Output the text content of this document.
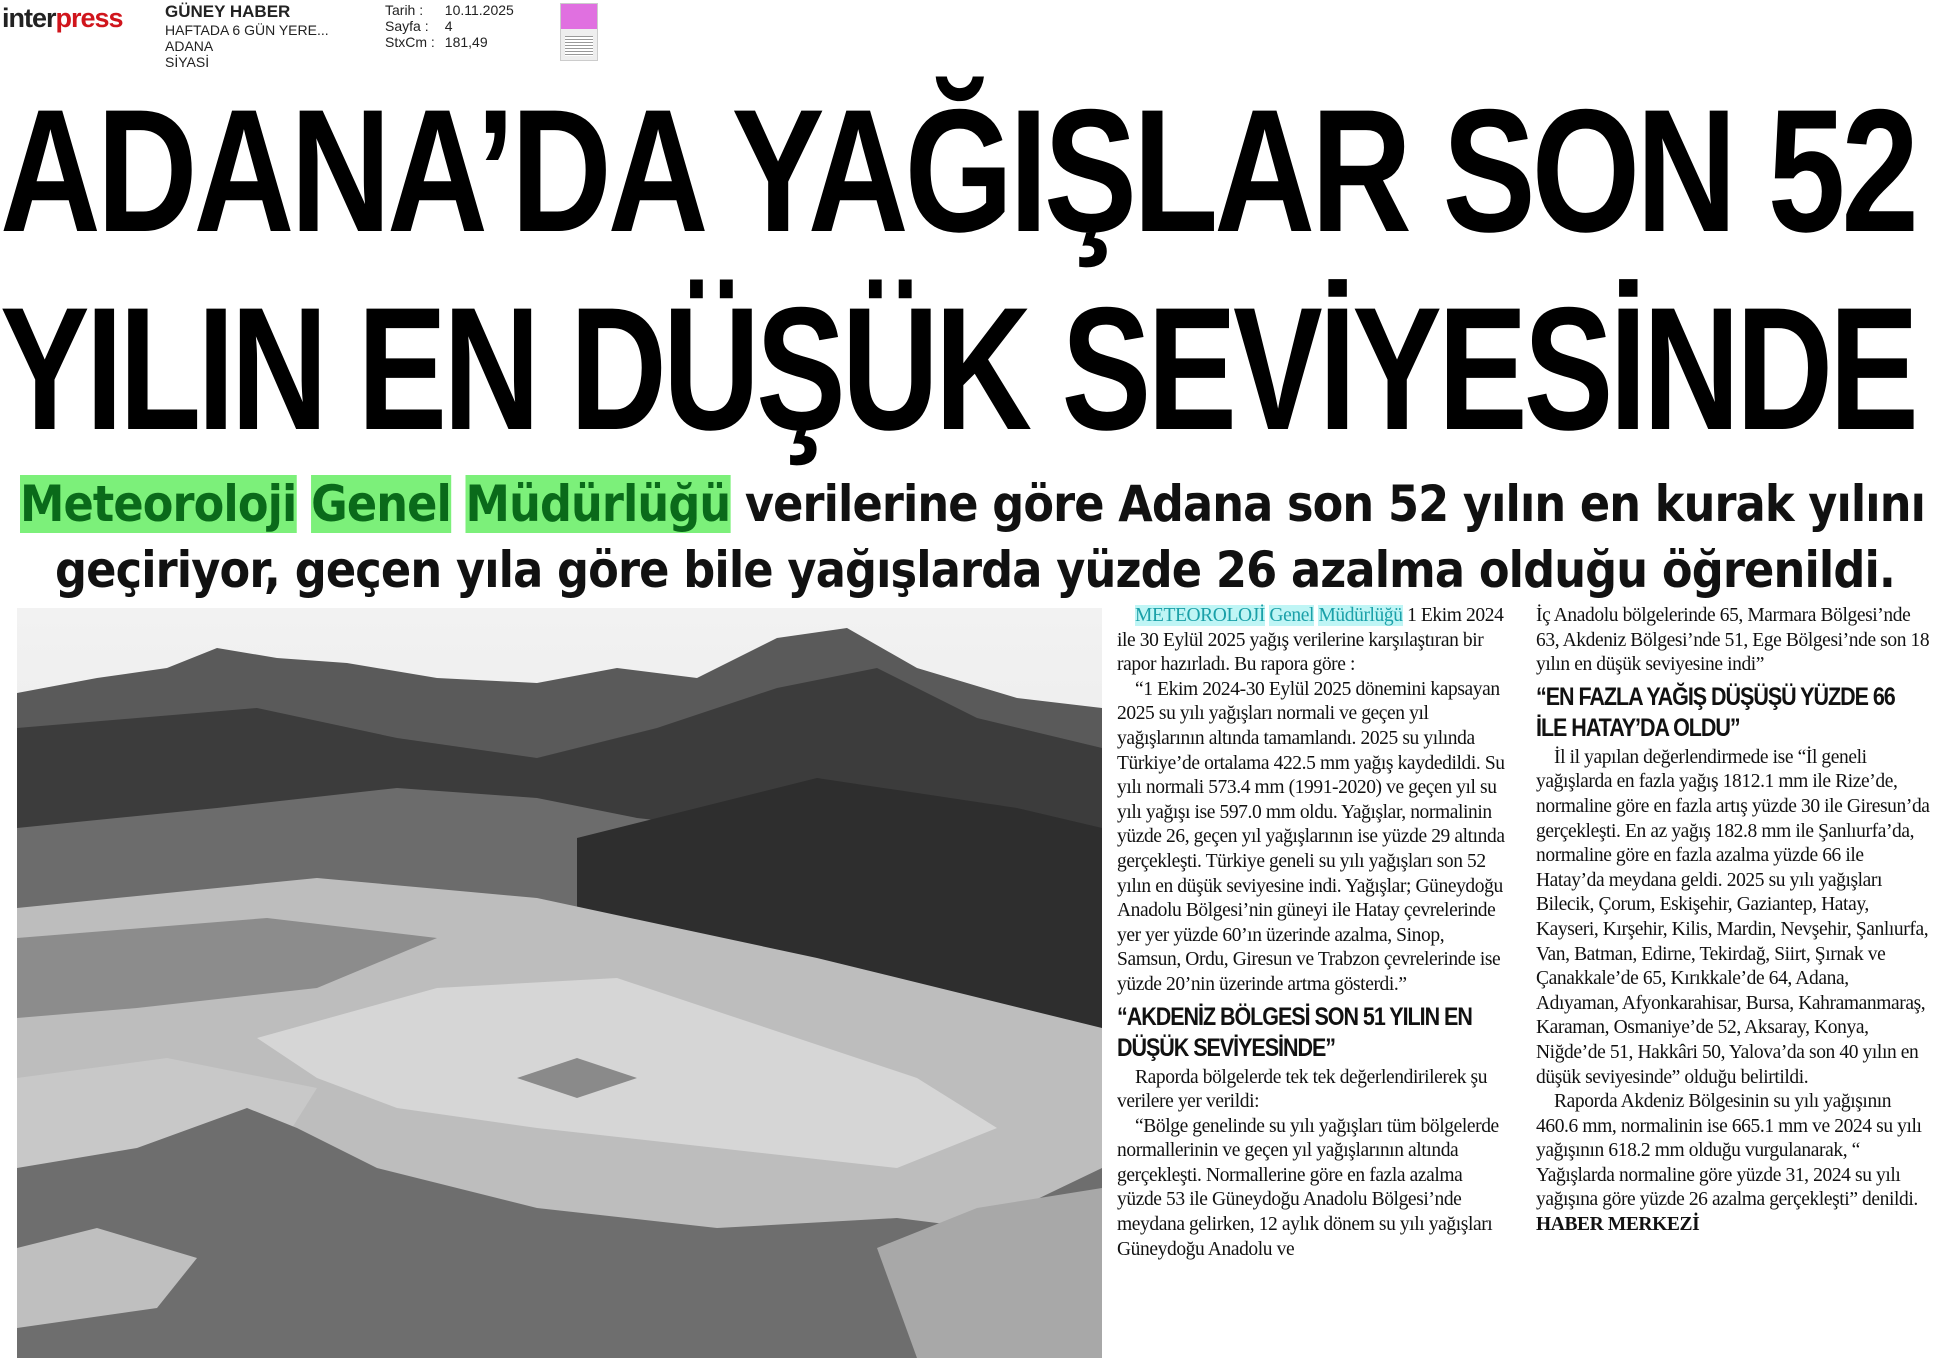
interpress GÜNEY HABER
HAFTADA 6 GÜN YERE...
ADANA
SİYASİ
Tarih :	10.11.2025
Sayfa :	4
StxCm :	181,49
ADANA’DA YAĞIŞLAR SON 52
YILIN EN DÜŞÜK SEVİYESİNDE
Meteoroloji Genel Müdürlüğü verilerine göre Adana son 52 yılın en kurak yılını
geçiriyor, geçen yıla göre bile yağışlarda yüzde 26 azalma olduğu öğrenildi.

METEOROLOJİ Genel Müdürlüğü 1 Ekim 2024 ile 30 Eylül 2025 yağış verilerine karşılaştıran bir rapor hazırladı. Bu rapora göre :

“1 Ekim 2024-30 Eylül 2025 dönemini kapsayan 2025 su yılı yağışları normali ve geçen yıl yağışlarının altında tamamlandı. 2025 su yılında Türkiye’de ortalama 422.5 mm yağış kaydedildi. Su yılı normali 573.4 mm (1991-2020) ve geçen yıl su yılı yağışı ise 597.0 mm oldu. Yağışlar, normalinin yüzde 26, geçen yıl yağışlarının ise yüzde 29 altında gerçekleşti. Türkiye geneli su yılı yağışları son 52 yılın en düşük seviyesine indi. Yağışlar; Güneydoğu Anadolu Bölgesi’nin güneyi ile Hatay çevrelerinde yer yer yüzde 60’ın üzerinde azalma, Sinop, Samsun, Ordu, Giresun ve Trabzon çevrelerinde ise yüzde 20’nin üzerinde artma gösterdi.”

“AKDENİZ BÖLGESİ SON 51 YILIN EN DÜŞÜK SEVİYESİNDE”

Raporda bölgelerde tek tek değerlendirilerek şu verilere yer verildi:

“Bölge genelinde su yılı yağışları tüm bölgelerde normallerinin ve geçen yıl yağışlarının altında gerçekleşti. Normallerine göre en fazla azalma yüzde 53 ile Güneydoğu Anadolu Bölgesi’nde meydana gelirken, 12 aylık dönem su yılı yağışları Güneydoğu Anadolu ve

İç Anadolu bölgelerinde 65, Marmara Bölgesi’nde 63, Akdeniz Bölgesi’nde 51, Ege Bölgesi’nde son 18 yılın en düşük seviyesine indi”

“EN FAZLA YAĞIŞ DÜŞÜŞÜ YÜZDE 66 İLE HATAY’DA OLDU”

İl il yapılan değerlendirmede ise “İl geneli yağışlarda en fazla yağış 1812.1 mm ile Rize’de, normaline göre en fazla artış yüzde 30 ile Giresun’da gerçekleşti. En az yağış 182.8 mm ile Şanlıurfa’da, normaline göre en fazla azalma yüzde 66 ile Hatay’da meydana geldi. 2025 su yılı yağışları Bilecik, Çorum, Eskişehir, Gaziantep, Hatay, Kayseri, Kırşehir, Kilis, Mardin, Nevşehir, Şanlıurfa, Van, Batman, Edirne, Tekirdağ, Siirt, Şırnak ve Çanakkale’de 65, Kırıkkale’de 64, Adana, Adıyaman, Afyonkarahisar, Bursa, Kahramanmaraş, Karaman, Osmaniye’de 52, Aksaray, Konya, Niğde’de 51, Hakkâri 50, Yalova’da son 40 yılın en düşük seviyesinde” olduğu belirtildi.

Raporda Akdeniz Bölgesinin su yılı yağışının 460.6 mm, normalinin ise 665.1 mm ve 2024 su yılı yağışının 618.2 mm olduğu vurgulanarak, “ Yağışlarda normaline göre yüzde 31, 2024 su yılı yağışına göre yüzde 26 azalma gerçekleşti” denildi. HABER MERKEZİ
